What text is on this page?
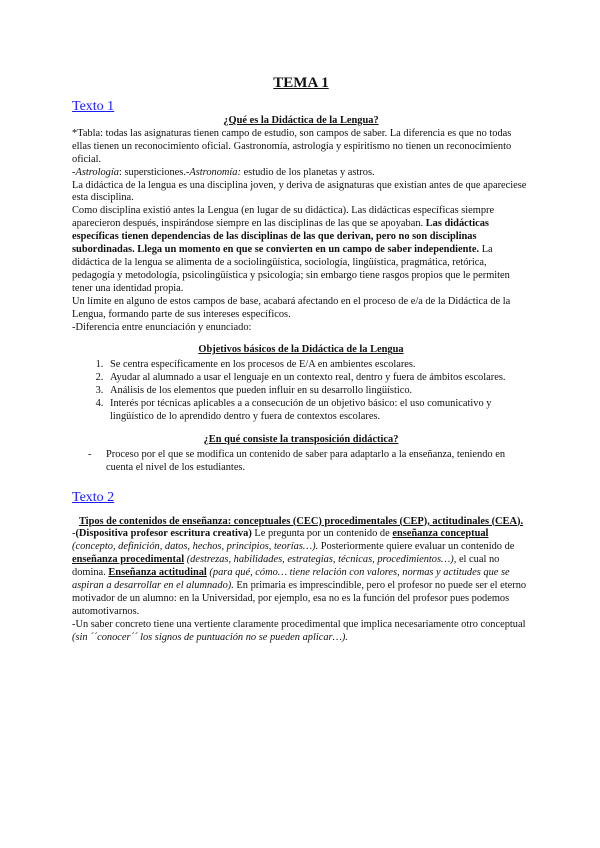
TEMA 1

Texto 1

¿Qué es la Didáctica de la Lengua?

*Tabla: todas las asignaturas tienen campo de estudio, son campos de saber. La diferencia es que no todas ellas tienen un reconocimiento oficial. Gastronomía, astrología y espiritismo no tienen un reconocimiento oficial.

-Astrología: supersticiones.-Astronomía: estudio de los planetas y astros.

La didáctica de la lengua es una disciplina joven, y deriva de asignaturas que existían antes de que apareciese esta disciplina.

Como disciplina existió antes la Lengua (en lugar de su didáctica). Las didácticas específicas siempre aparecieron después, inspirándose siempre en las disciplinas de las que se apoyaban. Las didácticas específicas tienen dependencias de las disciplinas de las que derivan, pero no son disciplinas subordinadas. Llega un momento en que se convierten en un campo de saber independiente. La didáctica de la lengua se alimenta de a sociolingüística, sociología, lingüística, pragmática, retórica, pedagogía y metodología, psicolingüística y psicología; sin embargo tiene rasgos propios que le permiten tener una identidad propia.

Un límite en alguno de estos campos de base, acabará afectando en el proceso de e/a de la Didáctica de la Lengua, formando parte de sus intereses específicos.

-Diferencia entre enunciación y enunciado:

Objetivos básicos de la Didáctica de la Lengua

1. Se centra específicamente en los procesos de E/A en ambientes escolares.
2. Ayudar al alumnado a usar el lenguaje en un contexto real, dentro y fuera de ámbitos escolares.
3. Análisis de los elementos que pueden influir en su desarrollo lingüístico.
4. Interés por técnicas aplicables a a consecución de un objetivo básico: el uso comunicativo y lingüístico de lo aprendido dentro y fuera de contextos escolares.

¿En qué consiste la transposición didáctica?

- Proceso por el que se modifica un contenido de saber para adaptarlo a la enseñanza, teniendo en cuenta el nivel de los estudiantes.

Texto 2

Tipos de contenidos de enseñanza: conceptuales (CEC) procedimentales (CEP), actitudinales (CEA).

-(Dispositiva profesor escritura creativa) Le pregunta por un contenido de enseñanza conceptual (concepto, definición, datos, hechos, principios, teorías…). Posteriormente quiere evaluar un contenido de enseñanza procedimental (destrezas, habilidades, estrategias, técnicas, procedimientos…), el cual no domina. Enseñanza actitudinal (para qué, cómo… tiene relación con valores, normas y actitudes que se aspiran a desarrollar en el alumnado). En primaria es imprescindible, pero el profesor no puede ser el eterno motivador de un alumno: en la Universidad, por ejemplo, esa no es la función del profesor pues podemos automotivarnos.

-Un saber concreto tiene una vertiente claramente procedimental que implica necesariamente otro conceptual (sin ´´conocer´´ los signos de puntuación no se pueden aplicar…).
